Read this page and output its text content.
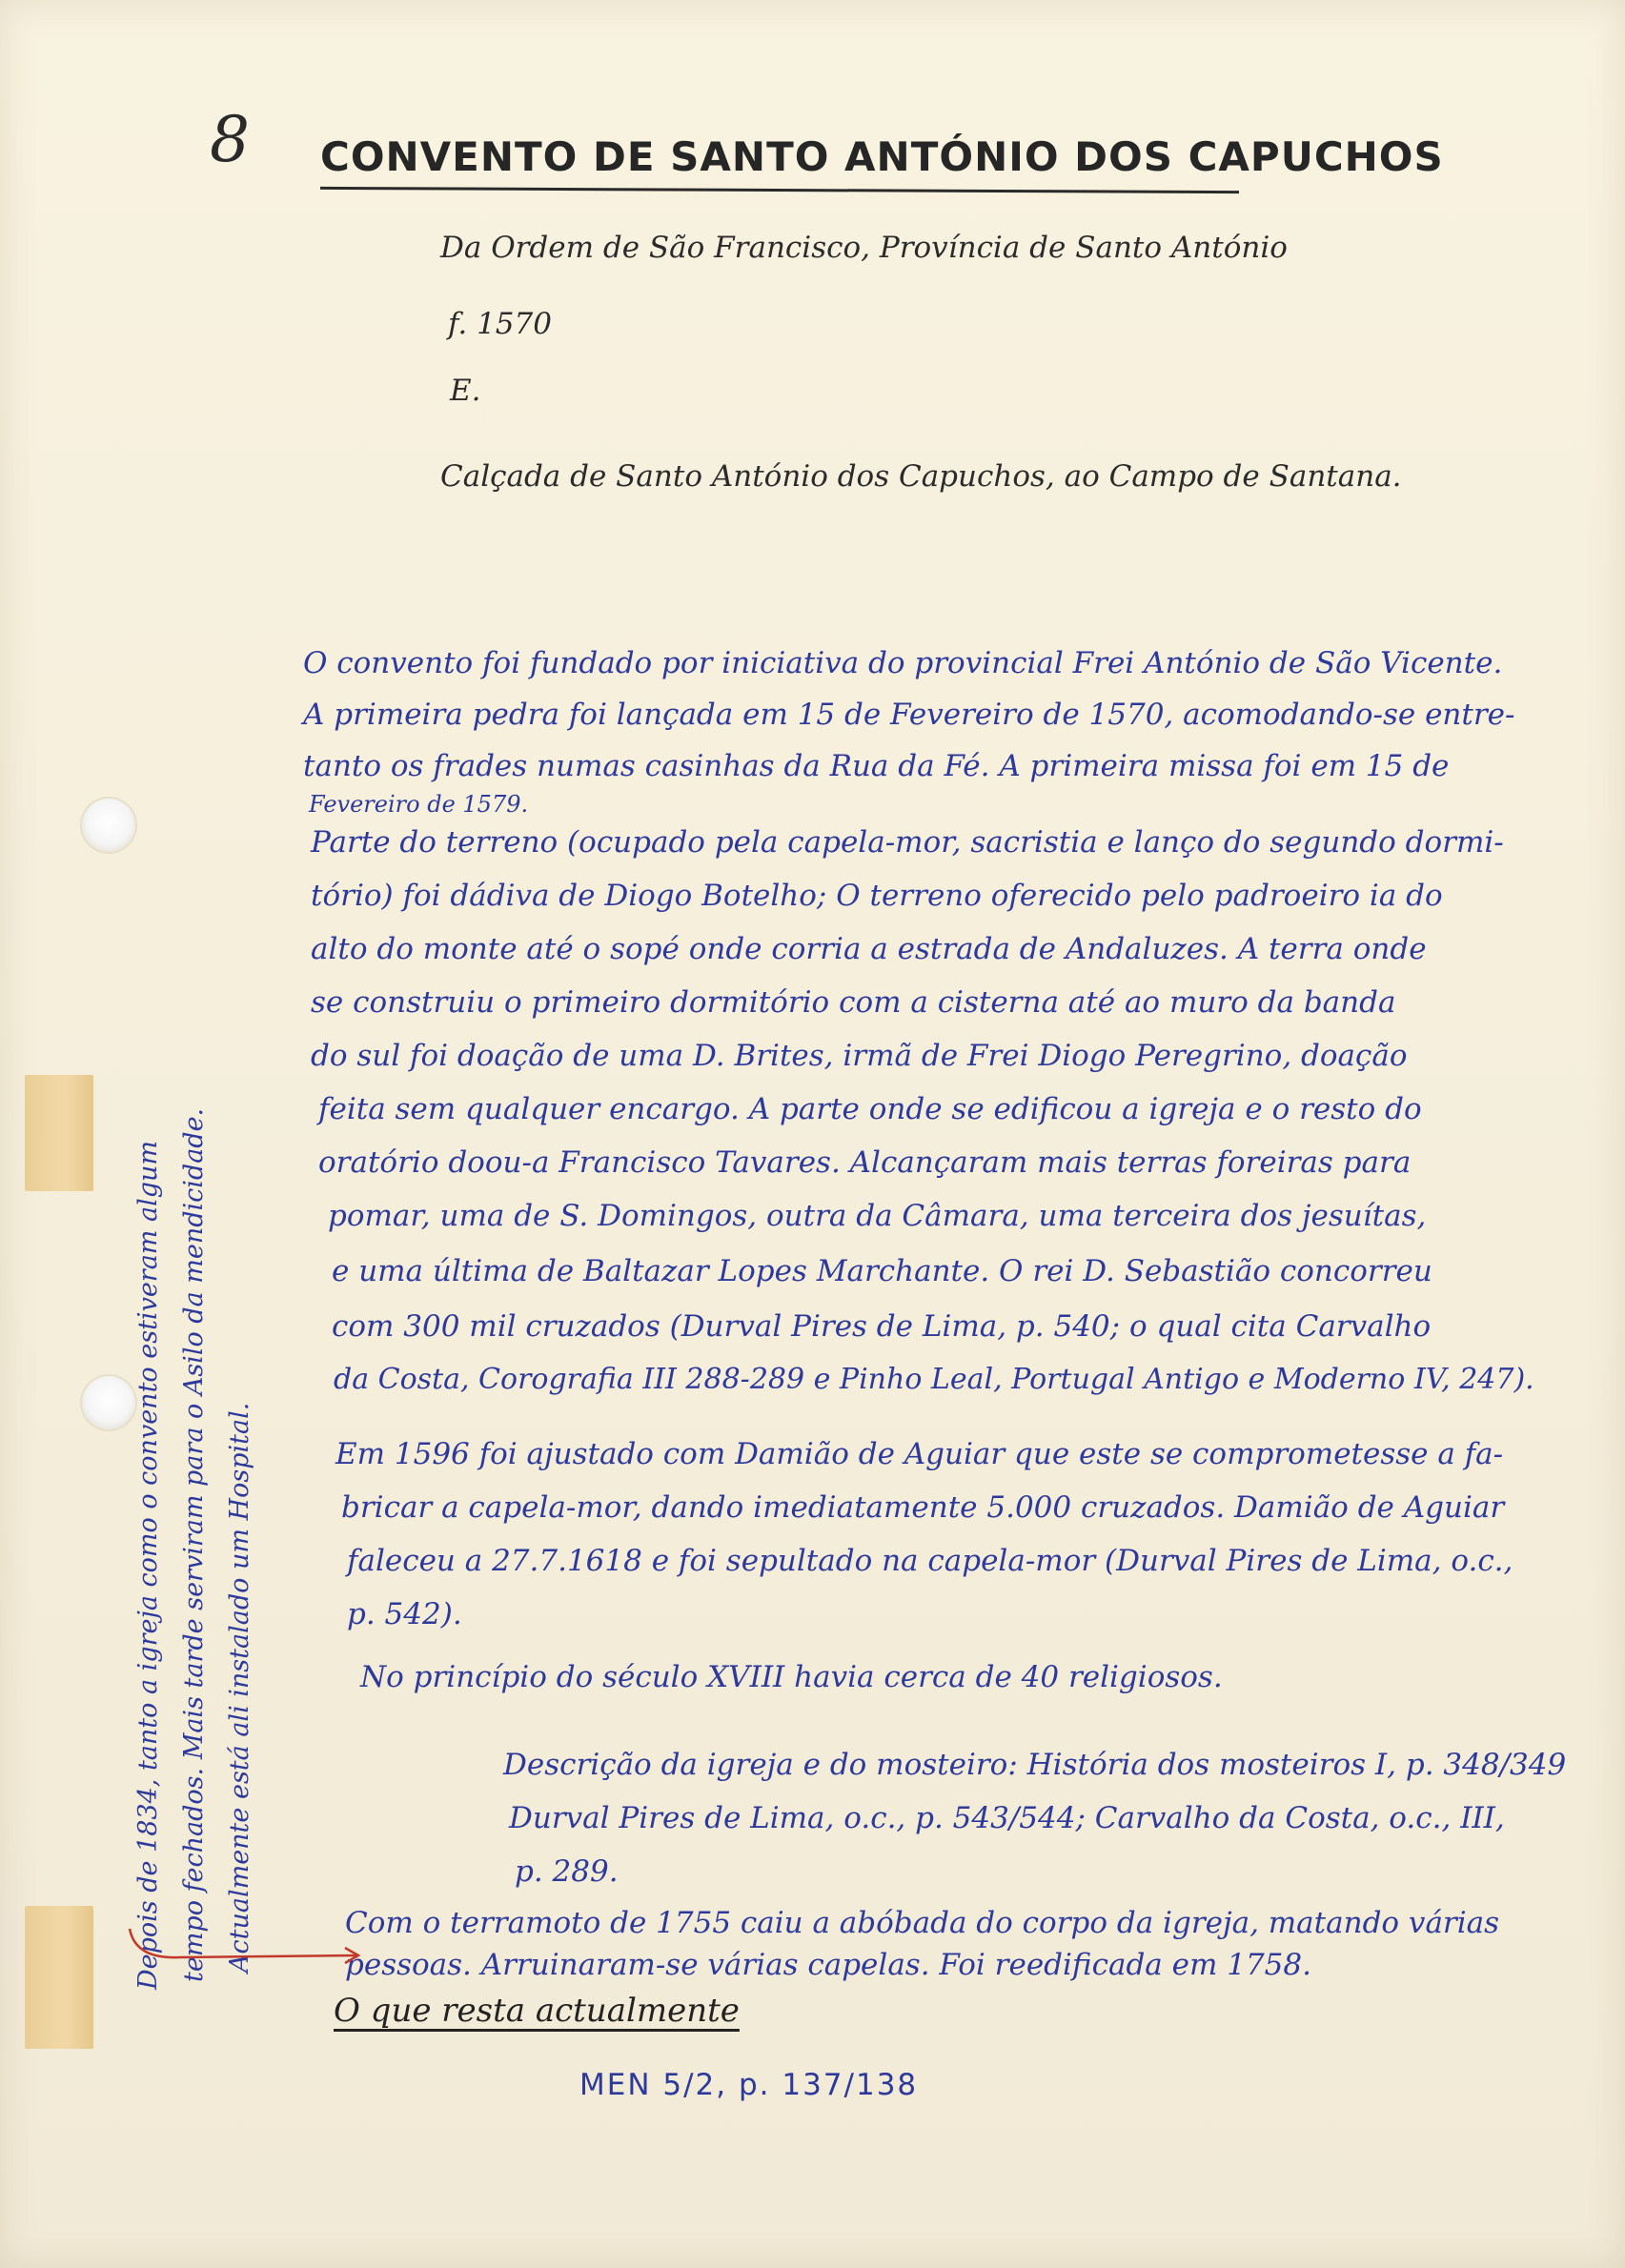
8 CONVENTO DE SANTO ANTÓNIO DOS CAPUCHOS
Da Ordem de São Francisco, Província de Santo António
f. 1570
E.
Calçada de Santo António dos Capuchos, ao Campo de Santana.
O convento foi fundado por iniciativa do provincial Frei António de São Vicente.
A primeira pedra foi lançada em 15 de Fevereiro de 1570, acomodando-se entre-
tanto os frades numas casinhas da Rua da Fé. A primeira missa foi em 15 de
Fevereiro de 1579.
Parte do terreno (ocupado pela capela-mor, sacristia e lanço do segundo dormi-
tório) foi dádiva de Diogo Botelho; O terreno oferecido pelo padroeiro ia do
alto do monte até o sopé onde corria a estrada de Andaluzes. A terra onde
se construiu o primeiro dormitório com a cisterna até ao muro da banda
do sul foi doação de uma D. Brites, irmã de Frei Diogo Peregrino, doação
feita sem qualquer encargo. A parte onde se edificou a igreja e o resto do
oratório doou-a Francisco Tavares. Alcançaram mais terras foreiras para
pomar, uma de S. Domingos, outra da Câmara, uma terceira dos jesuítas,
e uma última de Baltazar Lopes Marchante. O rei D. Sebastião concorreu
com 300 mil cruzados (Durval Pires de Lima, p. 540; o qual cita Carvalho
da Costa, Corografia III 288-289 e Pinho Leal, Portugal Antigo e Moderno IV, 247).
Em 1596 foi ajustado com Damião de Aguiar que este se comprometesse a fa-
bricar a capela-mor, dando imediatamente 5.000 cruzados. Damião de Aguiar
faleceu a 27.7.1618 e foi sepultado na capela-mor (Durval Pires de Lima, o.c.,
p. 542).
No princípio do século XVIII havia cerca de 40 religiosos.
Descrição da igreja e do mosteiro: História dos mosteiros I, p. 348/349
Durval Pires de Lima, o.c., p. 543/544; Carvalho da Costa, o.c., III,
p. 289.
Com o terramoto de 1755 caiu a abóbada do corpo da igreja, matando várias
pessoas. Arruinaram-se várias capelas. Foi reedificada em 1758.
Depois de 1834, tanto a igreja como o convento estiveram algum tempo fechados. Mais tarde serviram para o Asilo da mendicidade. Actualmente está ali instalado um Hospital.
O que resta actualmente
MEN 5/2, p. 137/138
